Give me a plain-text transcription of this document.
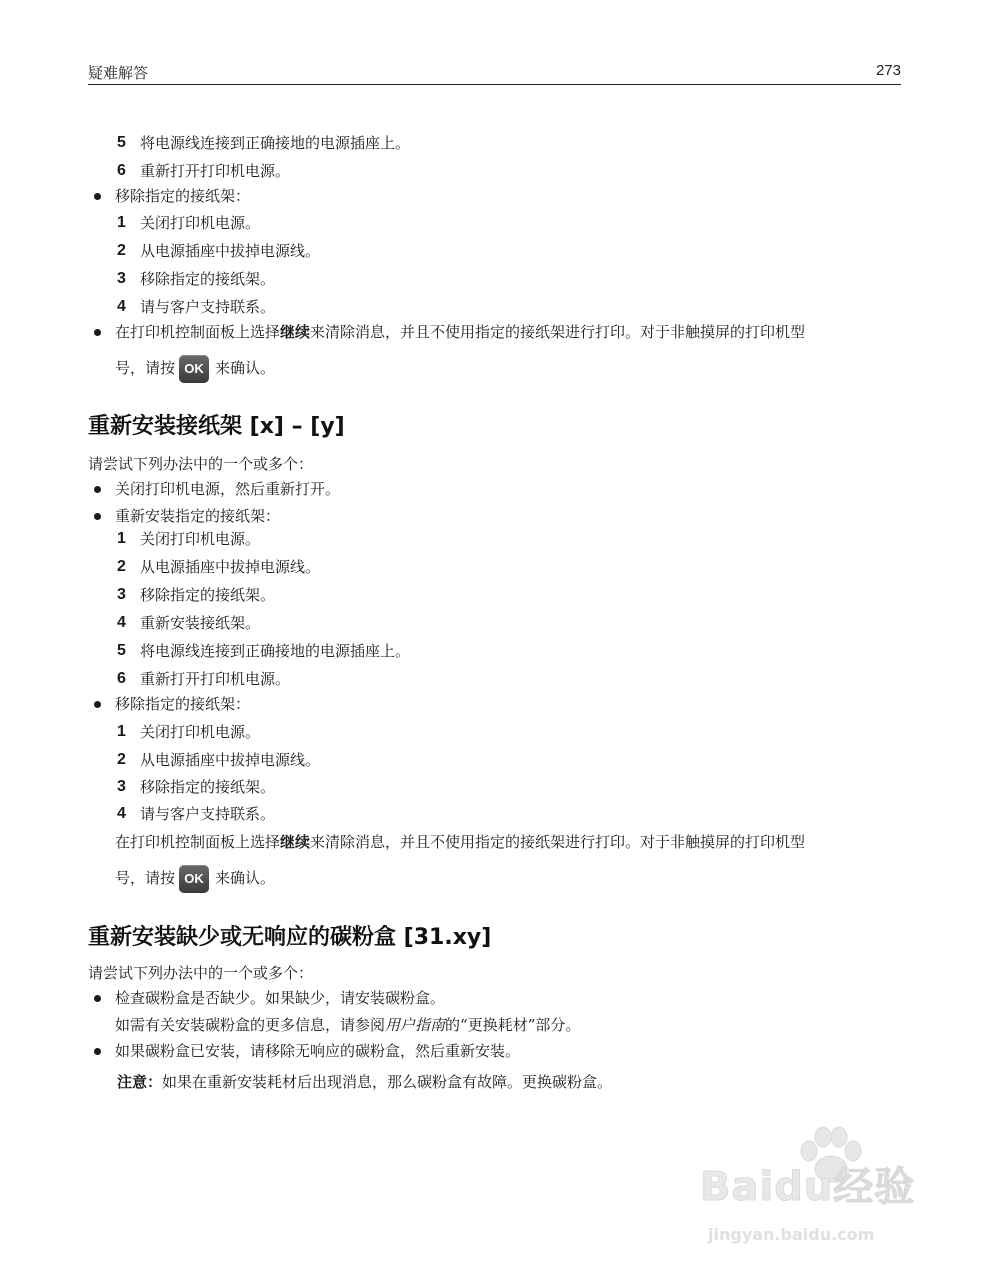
疑难解答	273
5 将电源线连接到正确接地的电源插座上。
6 重新打开打印机电源。
移除指定的接纸架：
1 关闭打印机电源。
2 从电源插座中拔掉电源线。
3 移除指定的接纸架。
4 请与客户支持联系。
在打印机控制面板上选择继续来清除消息，并且不使用指定的接纸架进行打印。对于非触摸屏的打印机型
号，请按 OK 来确认。
重新安装接纸架 [x] – [y]
请尝试下列办法中的一个或多个：
关闭打印机电源，然后重新打开。
重新安装指定的接纸架：
1 关闭打印机电源。
2 从电源插座中拔掉电源线。
3 移除指定的接纸架。
4 重新安装接纸架。
5 将电源线连接到正确接地的电源插座上。
6 重新打开打印机电源。
移除指定的接纸架：
1 关闭打印机电源。
2 从电源插座中拔掉电源线。
3 移除指定的接纸架。
4 请与客户支持联系。
在打印机控制面板上选择继续来清除消息，并且不使用指定的接纸架进行打印。对于非触摸屏的打印机型
号，请按 OK 来确认。
重新安装缺少或无响应的碳粉盒 [31.xy]
请尝试下列办法中的一个或多个：
检查碳粉盒是否缺少。如果缺少，请安装碳粉盒。
如需有关安装碳粉盒的更多信息，请参阅用户指南的“更换耗材”部分。
如果碳粉盒已安装，请移除无响应的碳粉盒，然后重新安装。
注意：如果在重新安装耗材后出现消息，那么碳粉盒有故障。更换碳粉盒。
Baidu经验
jingyan.baidu.com
